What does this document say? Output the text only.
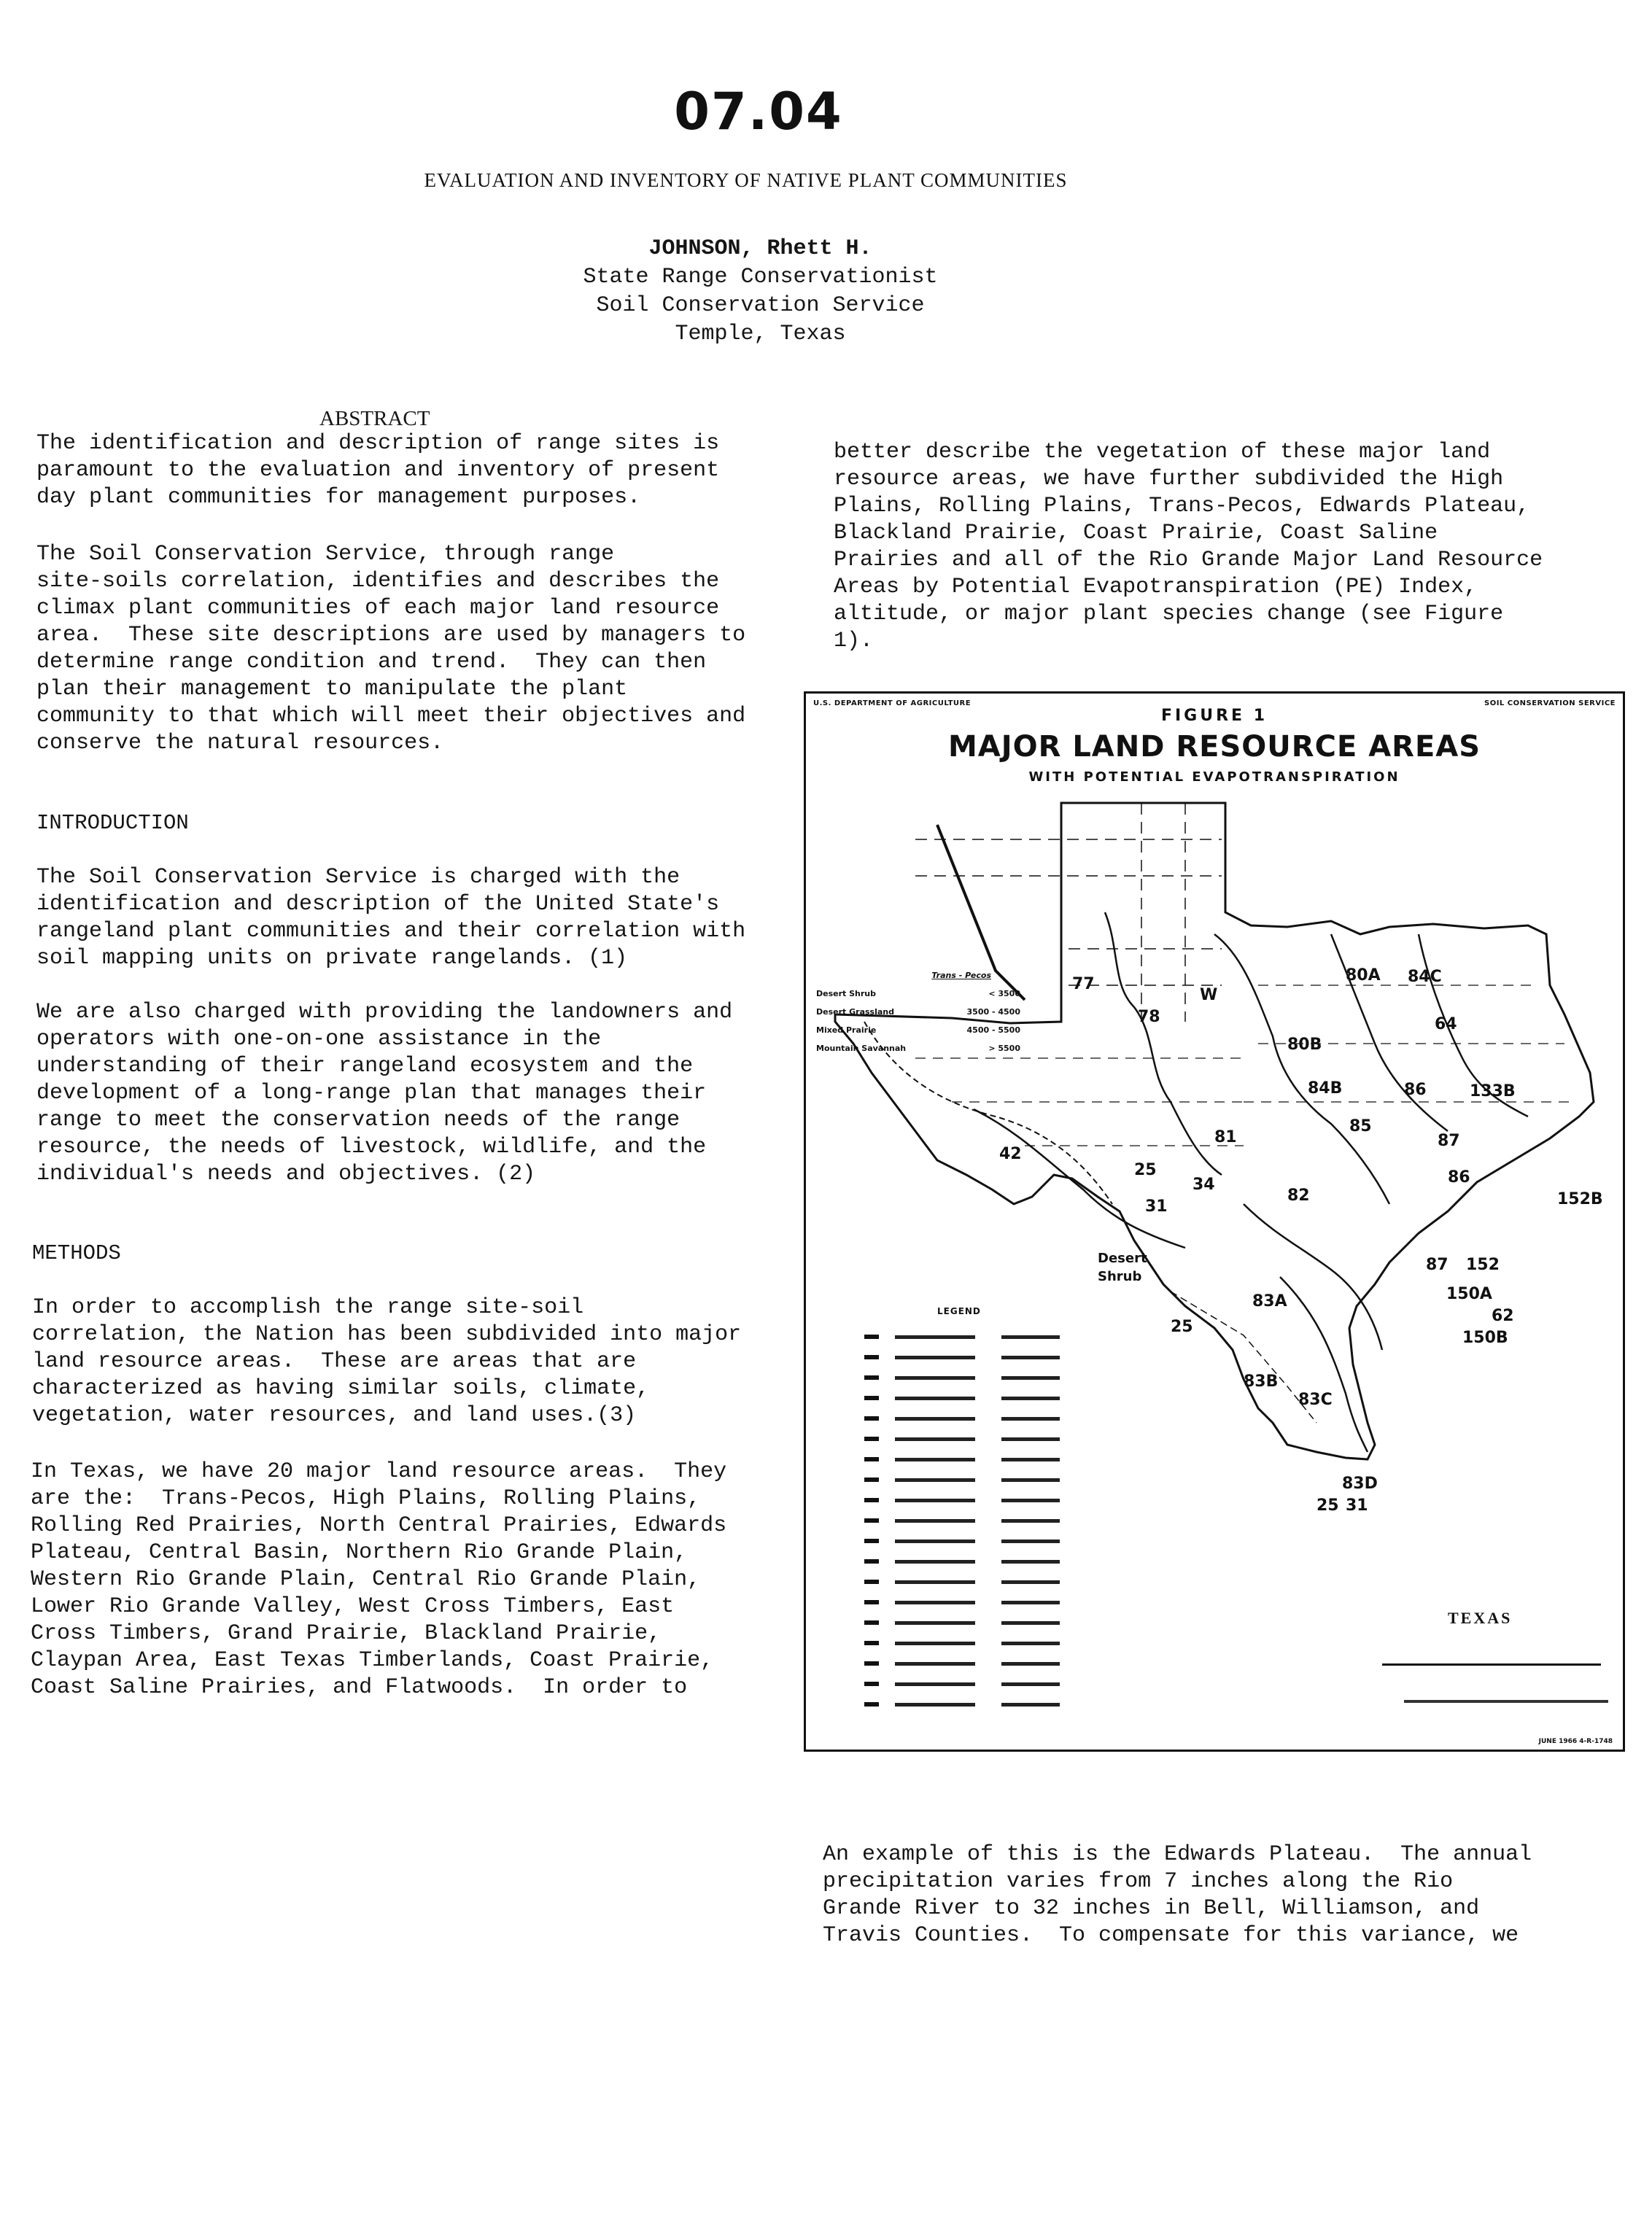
07.04
EVALUATION AND INVENTORY OF NATIVE PLANT COMMUNITIES
JOHNSON, Rhett H.
State Range Conservationist
Soil Conservation Service
Temple, Texas
ABSTRACT
The identification and description of range sites is
paramount to the evaluation and inventory of present
day plant communities for management purposes.
The Soil Conservation Service, through range
site-soils correlation, identifies and describes the
climax plant communities of each major land resource
area.  These site descriptions are used by managers to
determine range condition and trend.  They can then
plan their management to manipulate the plant
community to that which will meet their objectives and
conserve the natural resources.
INTRODUCTION
The Soil Conservation Service is charged with the
identification and description of the United State's
rangeland plant communities and their correlation with
soil mapping units on private rangelands. (1)
We are also charged with providing the landowners and
operators with one-on-one assistance in the
understanding of their rangeland ecosystem and the
development of a long-range plan that manages their
range to meet the conservation needs of the range
resource, the needs of livestock, wildlife, and the
individual's needs and objectives. (2)
METHODS
In order to accomplish the range site-soil
correlation, the Nation has been subdivided into major
land resource areas.  These are areas that are
characterized as having similar soils, climate,
vegetation, water resources, and land uses.(3)
In Texas, we have 20 major land resource areas.  They
are the:  Trans-Pecos, High Plains, Rolling Plains,
Rolling Red Prairies, North Central Prairies, Edwards
Plateau, Central Basin, Northern Rio Grande Plain,
Western Rio Grande Plain, Central Rio Grande Plain,
Lower Rio Grande Valley, West Cross Timbers, East
Cross Timbers, Grand Prairie, Blackland Prairie,
Claypan Area, East Texas Timberlands, Coast Prairie,
Coast Saline Prairies, and Flatwoods.  In order to
better describe the vegetation of these major land
resource areas, we have further subdivided the High
Plains, Rolling Plains, Trans-Pecos, Edwards Plateau,
Blackland Prairie, Coast Prairie, Coast Saline
Prairies and all of the Rio Grande Major Land Resource
Areas by Potential Evapotranspiration (PE) Index,
altitude, or major plant species change (see Figure
1).
U.S. DEPARTMENT OF AGRICULTURE	SOIL CONSERVATION SERVICE
FIGURE 1
MAJOR LAND RESOURCE AREAS
WITH POTENTIAL EVAPOTRANSPIRATION
77
78
80A
80B
84C
64
84B	86	133B
85
87
86
81
82
34
42
25
25
31
83A
87 152
150A
62
150B
83B
83C
83D
25 31
152B
W
Desert
Shrub
Trans - Pecos
Desert Shrub	< 3500
Desert Grassland	3500 - 4500
Mixed Prairie	4500 - 5500
Mountain Savannah	> 5500
LEGEND
TEXAS
JUNE 1966 4-R-1748
An example of this is the Edwards Plateau.  The annual
precipitation varies from 7 inches along the Rio
Grande River to 32 inches in Bell, Williamson, and
Travis Counties.  To compensate for this variance, we
